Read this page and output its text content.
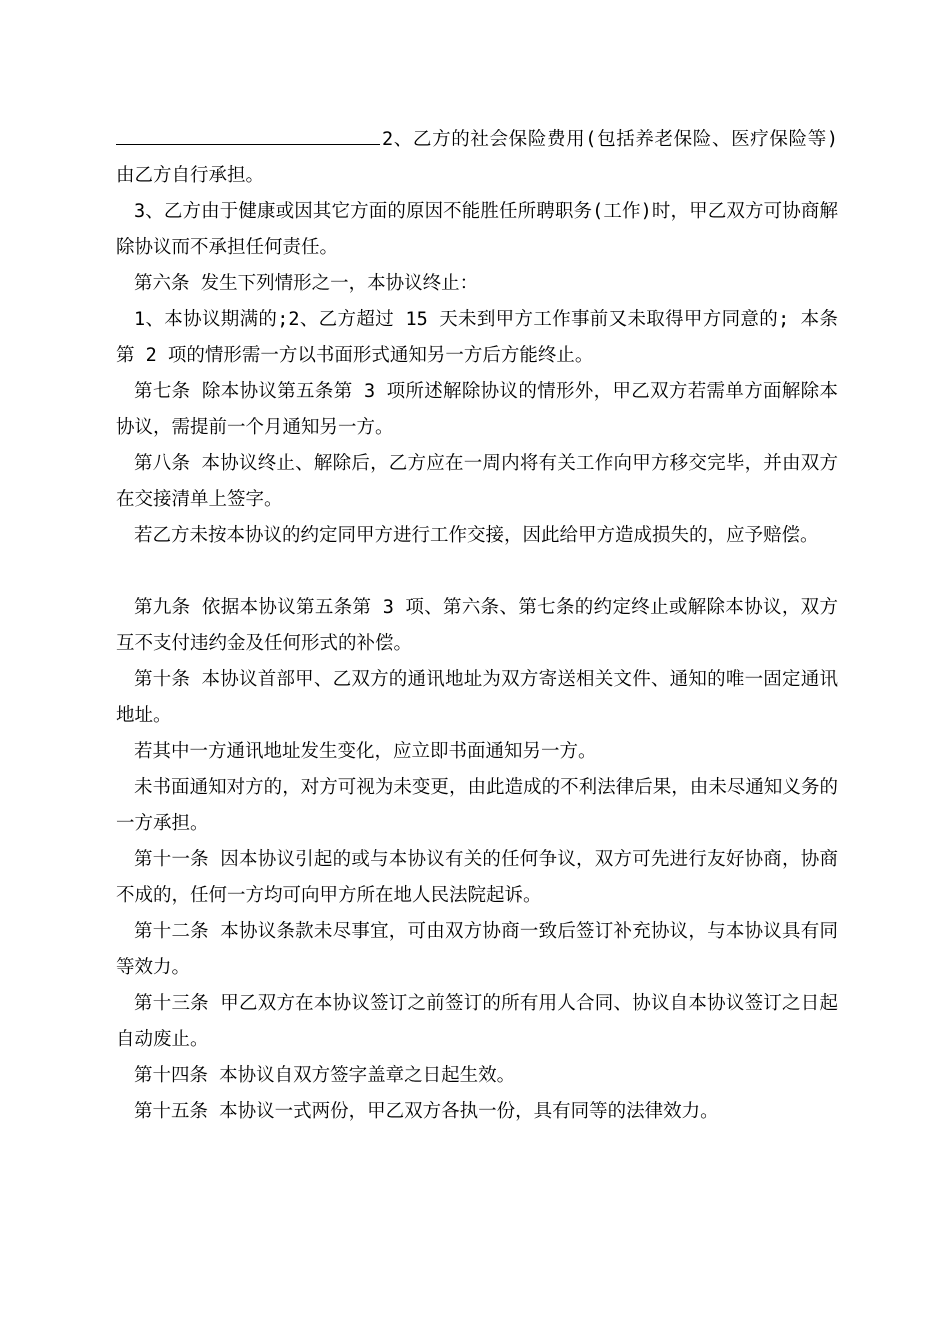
2、乙方的社会保险费用(包括养老保险、医疗保险等)由乙方自行承担。

3、乙方由于健康或因其它方面的原因不能胜任所聘职务(工作)时，甲乙双方可协商解除协议而不承担任何责任。

第六条 发生下列情形之一，本协议终止：

1、本协议期满的;2、乙方超过 15 天未到甲方工作事前又未取得甲方同意的; 本条第 2 项的情形需一方以书面形式通知另一方后方能终止。

第七条 除本协议第五条第 3 项所述解除协议的情形外，甲乙双方若需单方面解除本协议，需提前一个月通知另一方。

第八条 本协议终止、解除后，乙方应在一周内将有关工作向甲方移交完毕，并由双方在交接清单上签字。

若乙方未按本协议的约定同甲方进行工作交接，因此给甲方造成损失的，应予赔偿。

第九条 依据本协议第五条第 3 项、第六条、第七条的约定终止或解除本协议，双方互不支付违约金及任何形式的补偿。

第十条 本协议首部甲、乙双方的通讯地址为双方寄送相关文件、通知的唯一固定通讯地址。

若其中一方通讯地址发生变化，应立即书面通知另一方。

未书面通知对方的，对方可视为未变更，由此造成的不利法律后果，由未尽通知义务的一方承担。

第十一条 因本协议引起的或与本协议有关的任何争议，双方可先进行友好协商，协商不成的，任何一方均可向甲方所在地人民法院起诉。

第十二条 本协议条款未尽事宜，可由双方协商一致后签订补充协议，与本协议具有同等效力。

第十三条 甲乙双方在本协议签订之前签订的所有用人合同、协议自本协议签订之日起自动废止。

第十四条 本协议自双方签字盖章之日起生效。

第十五条 本协议一式两份，甲乙双方各执一份，具有同等的法律效力。
